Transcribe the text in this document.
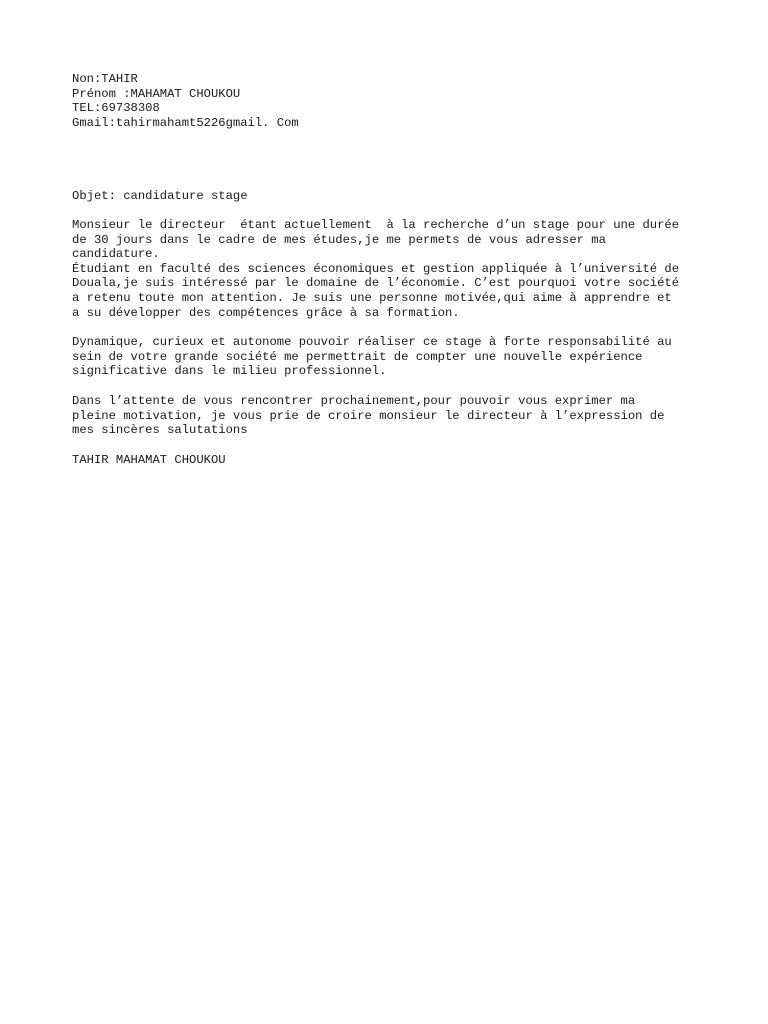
Non:TAHIR
Prénom :MAHAMAT CHOUKOU
TEL:69738308
Gmail:tahirmahamt5226gmail. Com
Objet: candidature stage
Monsieur le directeur  étant actuellement  à la recherche d’un stage pour une durée
de 30 jours dans le cadre de mes études,je me permets de vous adresser ma
candidature.
Étudiant en faculté des sciences économiques et gestion appliquée à l’université de
Douala,je suis intéressé par le domaine de l’économie. C’est pourquoi votre société
a retenu toute mon attention. Je suis une personne motivée,qui aime à apprendre et
a su développer des compétences grâce à sa formation.
Dynamique, curieux et autonome pouvoir réaliser ce stage à forte responsabilité au
sein de votre grande société me permettrait de compter une nouvelle expérience
significative dans le milieu professionnel.
Dans l’attente de vous rencontrer prochainement,pour pouvoir vous exprimer ma
pleine motivation, je vous prie de croire monsieur le directeur à l’expression de
mes sincères salutations
TAHIR MAHAMAT CHOUKOU
